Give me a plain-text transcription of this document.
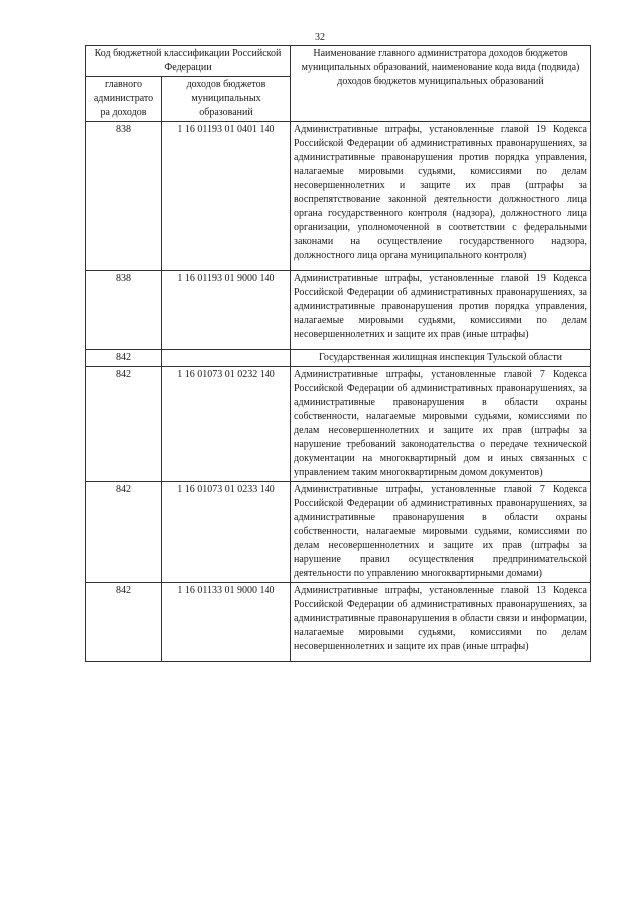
32
Код бюджетной классификации Российской Федерации		Наименование главного администратора доходов бюджетов муниципальных образований, наименование кода вида (подвида) доходов бюджетов муниципальных образований
главного администрато ра доходов	доходов бюджетов муниципальных образований	
838	1 16 01193 01 0401 140	Административные штрафы, установленные главой 19 Кодекса Российской Федерации об административных правонарушениях, за административные правонарушения против порядка управления, налагаемые мировыми судьями, комиссиями по делам несовершеннолетних и защите их прав (штрафы за воспрепятствование законной деятельности должностного лица органа государственного контроля (надзора), должностного лица организации, уполномоченной в соответствии с федеральными законами на осуществление государственного надзора, должностного лица органа муниципального контроля)

838	1 16 01193 01 9000 140	Административные штрафы, установленные главой 19 Кодекса Российской Федерации об административных правонарушениях, за административные правонарушения против порядка управления, налагаемые мировыми судьями, комиссиями по делам несовершеннолетних и защите их прав (иные штрафы)

842		Государственная жилищная инспекция Тульской области
842	1 16 01073 01 0232 140	Административные штрафы, установленные главой 7 Кодекса Российской Федерации об административных правонарушениях, за административные правонарушения в области охраны собственности, налагаемые мировыми судьями, комиссиями по делам несовершеннолетних и защите их прав (штрафы за нарушение требований законодательства о передаче технической документации на многоквартирный дом и иных связанных с управлением таким многоквартирным домом документов)
842	1 16 01073 01 0233 140	Административные штрафы, установленные главой 7 Кодекса Российской Федерации об административных правонарушениях, за административные правонарушения в области охраны собственности, налагаемые мировыми судьями, комиссиями по делам несовершеннолетних и защите их прав (штрафы за нарушение правил осуществления предпринимательской деятельности по управлению многоквартирными домами)
842	1 16 01133 01 9000 140	Административные штрафы, установленные главой 13 Кодекса Российской Федерации об административных правонарушениях, за административные правонарушения в области связи и информации, налагаемые мировыми судьями, комиссиями по делам несовершеннолетних и защите их прав (иные штрафы)
